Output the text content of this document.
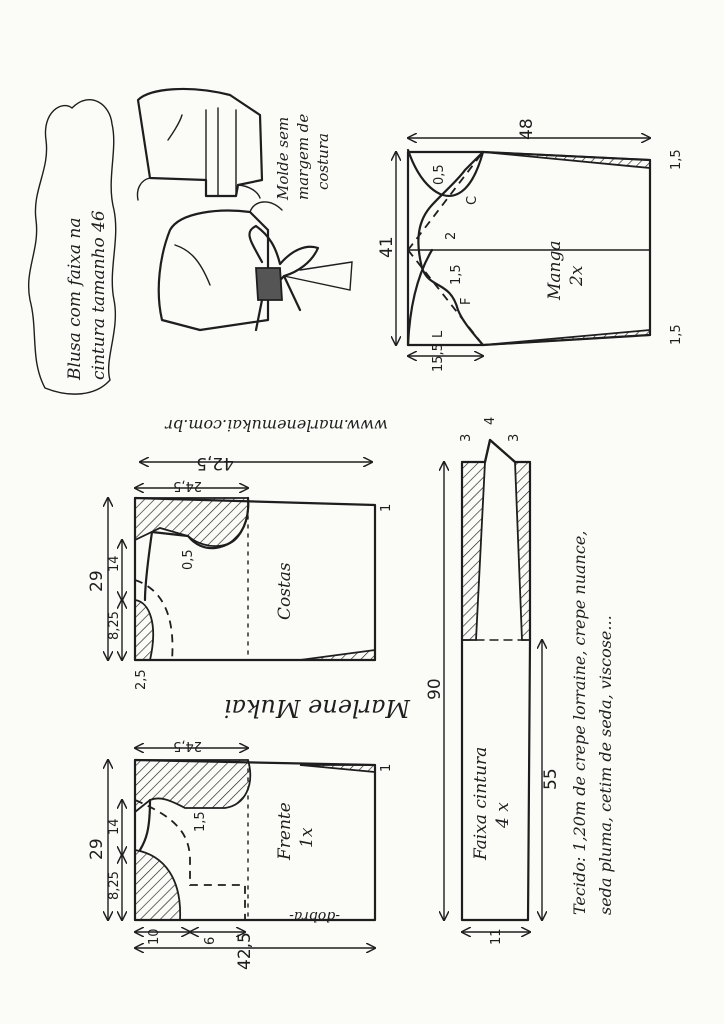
Blusa com faixa na cintura tamanho 46
Molde sem margem de costura
48
41
1,5
1,5
15,5
0,5
2
C
1,5
F
L
Manga 2x
www.marlenemukai.com.br
42,5
24,5
29
14
8,25
2,5
0,5
1
Costas
Marlene Mukai
24,5
29
14
8,25
10	6 42,5
1,5
1
Frente 1x
-dobra-
90
55
3
4
3
11
Faixa cintura 4 x	Tecido: 1,20m de crepe lorraine, crepe nuance, seda pluma, cetim de seda, viscose...
